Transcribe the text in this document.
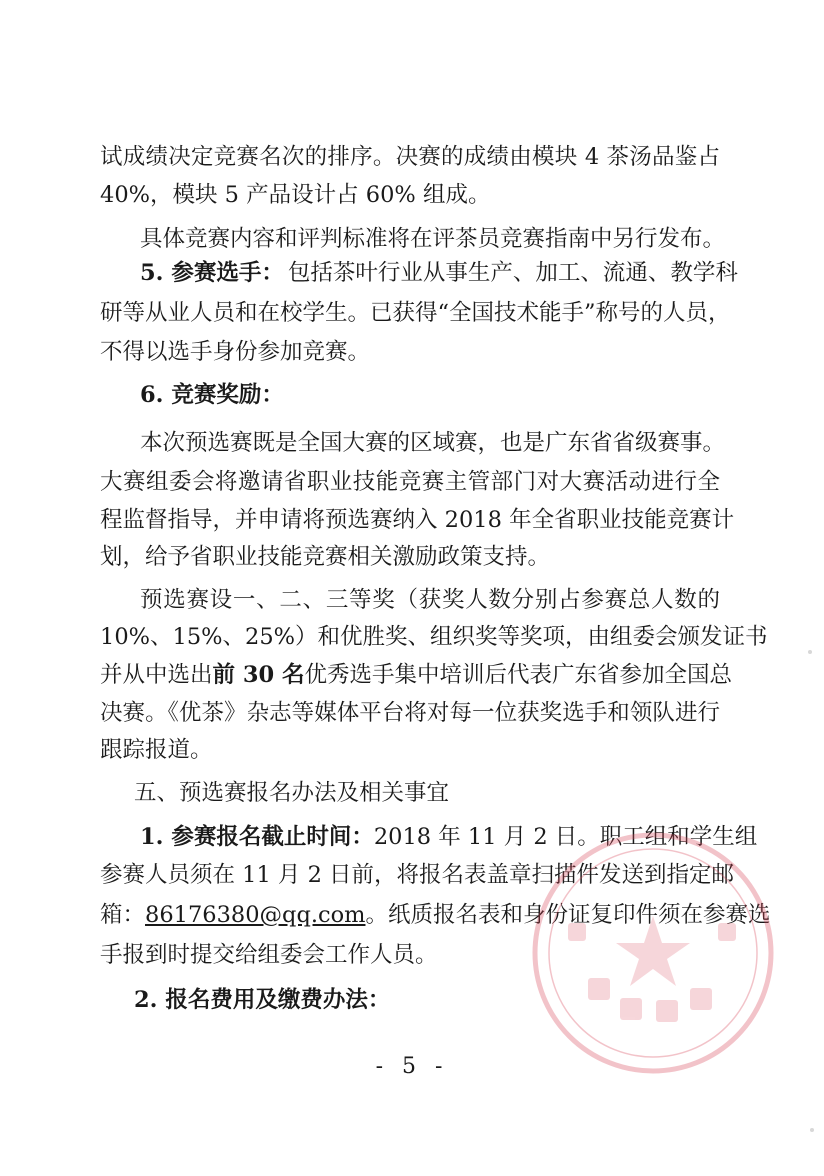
试成绩决定竞赛名次的排序。决赛的成绩由模块 4 茶汤品鉴占
40%，模块 5 产品设计占 60% 组成。
具体竞赛内容和评判标准将在评茶员竞赛指南中另行发布。
5. 参赛选手： 包括茶叶行业从事生产、加工、流通、教学科
研等从业人员和在校学生。已获得“全国技术能手”称号的人员，
不得以选手身份参加竞赛。
6. 竞赛奖励：
本次预选赛既是全国大赛的区域赛，也是广东省省级赛事。
大赛组委会将邀请省职业技能竞赛主管部门对大赛活动进行全
程监督指导，并申请将预选赛纳入 2018 年全省职业技能竞赛计
划，给予省职业技能竞赛相关激励政策支持。
预选赛设一、二、三等奖（获奖人数分别占参赛总人数的
10%、15%、25%）和优胜奖、组织奖等奖项，由组委会颁发证书
并从中选出 前 30 名 优秀选手集中培训后代表广东省参加全国总
决赛。《优茶》杂志等媒体平台将对每一位获奖选手和领队进行
跟踪报道。
五、预选赛报名办法及相关事宜
1. 参赛报名截止时间： 2018 年 11 月 2 日。职工组和学生组
参赛人员须在 11 月 2 日前，将报名表盖章扫描件发送到指定邮
箱： 86176380@qq.com 。纸质报名表和身份证复印件须在参赛选
手报到时提交给组委会工作人员。
2. 报名费用及缴费办法：
- 5 -
